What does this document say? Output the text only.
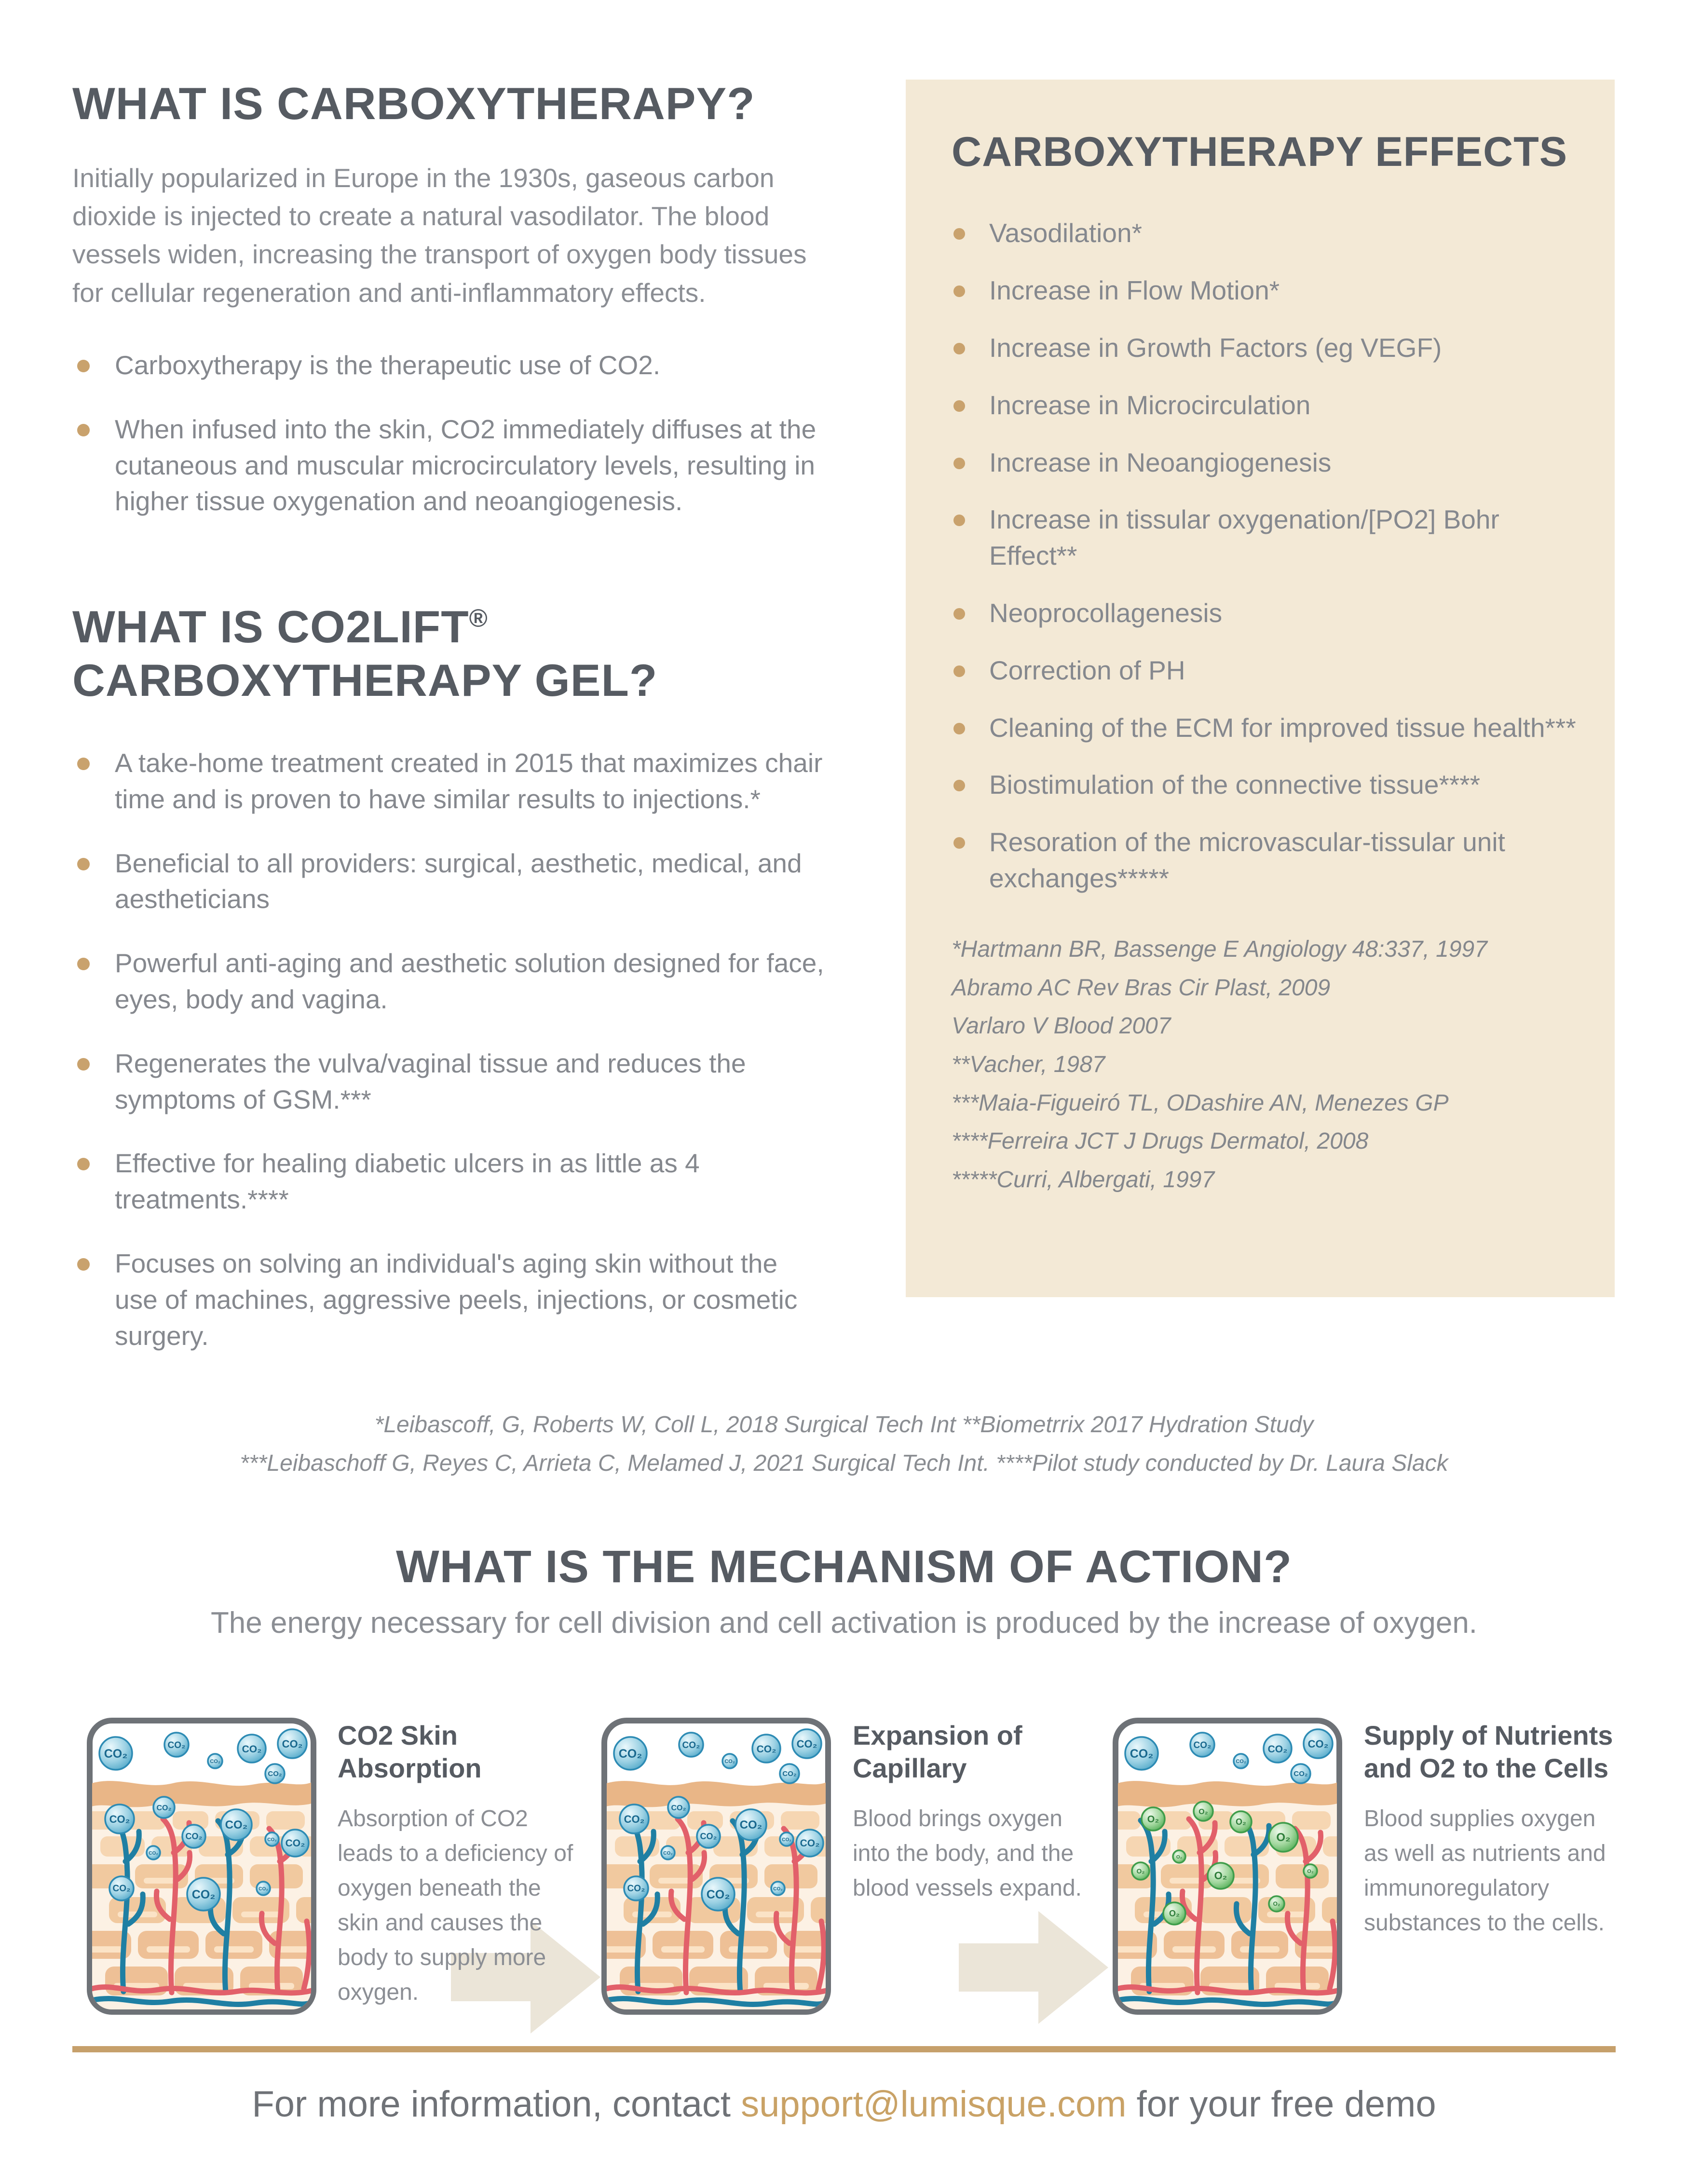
WHAT IS CARBOXYTHERAPY?
Initially popularized in Europe in the 1930s, gaseous carbon dioxide is injected to create a natural vasodilator. The blood vessels widen, increasing the transport of oxygen body tissues for cellular regeneration and anti-inflammatory effects.
Carboxytherapy is the therapeutic use of CO2.
When infused into the skin, CO2 immediately diffuses at the cutaneous and muscular microcirculatory levels, resulting in higher tissue oxygenation and neoangiogenesis.
WHAT IS CO2LIFT®
CARBOXYTHERAPY GEL?
A take-home treatment created in 2015 that maximizes chair time and is proven to have similar results to injections.*
Beneficial to all providers: surgical, aesthetic, medical, and aestheticians
Powerful anti-aging and aesthetic solution designed for face, eyes, body and vagina.
Regenerates the vulva/vaginal tissue and reduces the symptoms of GSM.***
Effective for healing diabetic ulcers in as little as 4 treatments.****
Focuses on solving an individual's aging skin without the use of machines, aggressive peels, injections, or cosmetic surgery.
CARBOXYTHERAPY EFFECTS
Vasodilation*
Increase in Flow Motion*
Increase in Growth Factors (eg VEGF)
Increase in Microcirculation
Increase in Neoangiogenesis
Increase in tissular oxygenation/[PO2] Bohr Effect**
Neoprocollagenesis
Correction of PH
Cleaning of the ECM for improved tissue health***
Biostimulation of the connective tissue****
Resoration of the microvascular-tissular unit exchanges*****
*Hartmann BR, Bassenge E Angiology 48:337, 1997
Abramo AC Rev Bras Cir Plast, 2009
Varlaro V Blood 2007
**Vacher, 1987
***Maia-Figueiró TL, ODashire AN, Menezes GP
****Ferreira JCT J Drugs Dermatol, 2008
*****Curri, Albergati, 1997
*Leibascoff, G, Roberts W, Coll L, 2018 Surgical Tech Int **Biometrrix 2017 Hydration Study
***Leibaschoff G, Reyes C, Arrieta C, Melamed J, 2021 Surgical Tech Int. ****Pilot study conducted by Dr. Laura Slack
WHAT IS THE MECHANISM OF ACTION?
The energy necessary for cell division and cell activation is produced by the increase of oxygen.
CO₂
CO₂
CO₂
CO₂ CO₂
CO₂
CO₂
CO₂
CO₂
CO₂
CO₂
CO₂ CO₂
CO₂	CO₂	CO₂
CO2 Skin
Absorption
Absorption of CO2 leads to a deficiency of oxygen beneath the skin and causes the body to supply more oxygen.
CO₂
CO₂
CO₂
CO₂ CO₂
CO₂
CO₂
CO₂
CO₂
CO₂
CO₂
CO₂ CO₂
CO₂	CO₂	CO₂
Expansion of
Capillary
Blood brings oxygen into the body, and the blood vessels expand.
CO₂
CO₂
CO₂
CO₂ CO₂
CO₂
O₂
O₂
O₂
O₂
O₂
O₂
O₂	O₂
O₂
O₂
Supply of Nutrients
and O2 to the Cells
Blood supplies oxygen as well as nutrients and immunoregulatory substances to the cells.
For more information, contact support@lumisque.com for your free demo
